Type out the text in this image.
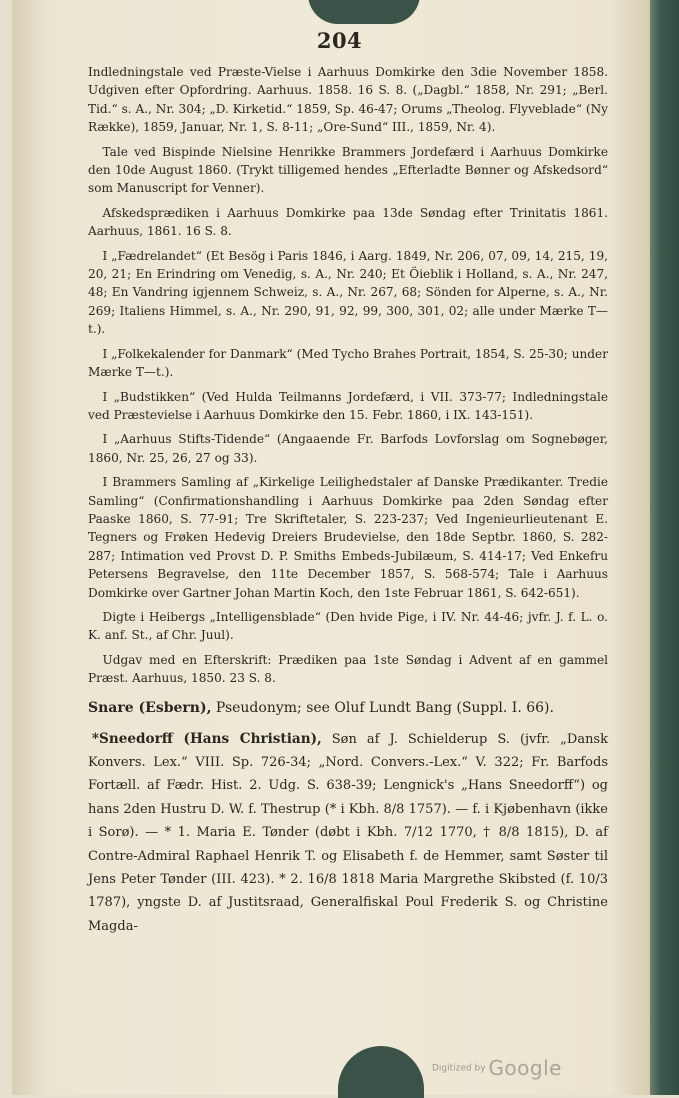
204

Indledningstale ved Præste-Vielse i Aarhuus Domkirke den 3die November 1858. Udgiven efter Opfordring. Aarhuus. 1858. 16 S. 8. („Dagbl.“ 1858, Nr. 291; „Berl. Tid.“ s. A., Nr. 304; „D. Kirketid.“ 1859, Sp. 46-47; Orums „Theolog. Flyveblade“ (Ny Række), 1859, Januar, Nr. 1, S. 8-11; „Ore-Sund“ III., 1859, Nr. 4).

Tale ved Bispinde Nielsine Henrikke Brammers Jordefærd i Aarhuus Domkirke den 10de August 1860. (Trykt tilligemed hendes „Efterladte Bønner og Afskedsord“ som Manuscript for Venner).

Afskedsprædiken i Aarhuus Domkirke paa 13de Søndag efter Trinitatis 1861. Aarhuus, 1861. 16 S. 8.

I „Fædrelandet“ (Et Besög i Paris 1846, i Aarg. 1849, Nr. 206, 07, 09, 14, 215, 19, 20, 21; En Erindring om Venedig, s. A., Nr. 240; Et Öieblik i Holland, s. A., Nr. 247, 48; En Vandring igjennem Schweiz, s. A., Nr. 267, 68; Sönden for Alperne, s. A., Nr. 269; Italiens Himmel, s. A., Nr. 290, 91, 92, 99, 300, 301, 02; alle under Mærke T—t.).

I „Folkekalender for Danmark“ (Med Tycho Brahes Portrait, 1854, S. 25-30; under Mærke T—t.).

I „Budstikken“ (Ved Hulda Teilmanns Jordefærd, i VII. 373-77; Indledningstale ved Præstevielse i Aarhuus Domkirke den 15. Febr. 1860, i IX. 143-151).

I „Aarhuus Stifts-Tidende“ (Angaaende Fr. Barfods Lovforslag om Sognebøger, 1860, Nr. 25, 26, 27 og 33).

I Brammers Samling af „Kirkelige Leilighedstaler af Danske Prædikanter. Tredie Samling“ (Confirmationshandling i Aarhuus Domkirke paa 2den Søndag efter Paaske 1860, S. 77-91; Tre Skriftetaler, S. 223-237; Ved Ingenieurlieutenant E. Tegners og Frøken Hedevig Dreiers Brudevielse, den 18de Septbr. 1860, S. 282-287; Intimation ved Provst D. P. Smiths Embeds-Jubilæum, S. 414-17; Ved Enkefru Petersens Begravelse, den 11te December 1857, S. 568-574; Tale i Aarhuus Domkirke over Gartner Johan Martin Koch, den 1ste Februar 1861, S. 642-651).

Digte i Heibergs „Intelligensblade“ (Den hvide Pige, i IV. Nr. 44-46; jvfr. J. f. L. o. K. anf. St., af Chr. Juul).

Udgav med en Efterskrift: Prædiken paa 1ste Søndag i Advent af en gammel Præst. Aarhuus, 1850. 23 S. 8.

Snare (Esbern), Pseudonym; see Oluf Lundt Bang (Suppl. I. 66).

*Sneedorff (Hans Christian), Søn af J. Schielderup S. (jvfr. „Dansk Konvers. Lex.“ VIII. Sp. 726-34; „Nord. Convers.-Lex.“ V. 322; Fr. Barfods Fortæll. af Fædr. Hist. 2. Udg. S. 638-39; Lengnick's „Hans Sneedorff“) og hans 2den Hustru D. W. f. Thestrup (* i Kbh. 8/8 1757). — f. i Kjøbenhavn (ikke i Sorø). — * 1. Maria E. Tønder (døbt i Kbh. 7/12 1770, † 8/8 1815), D. af Contre-Admiral Raphael Henrik T. og Elisabeth f. de Hemmer, samt Søster til Jens Peter Tønder (III. 423). * 2. 16/8 1818 Maria Margrethe Skibsted (f. 10/3 1787), yngste D. af Justitsraad, Generalfiskal Poul Frederik S. og Christine Magda-

Digitized by Google
